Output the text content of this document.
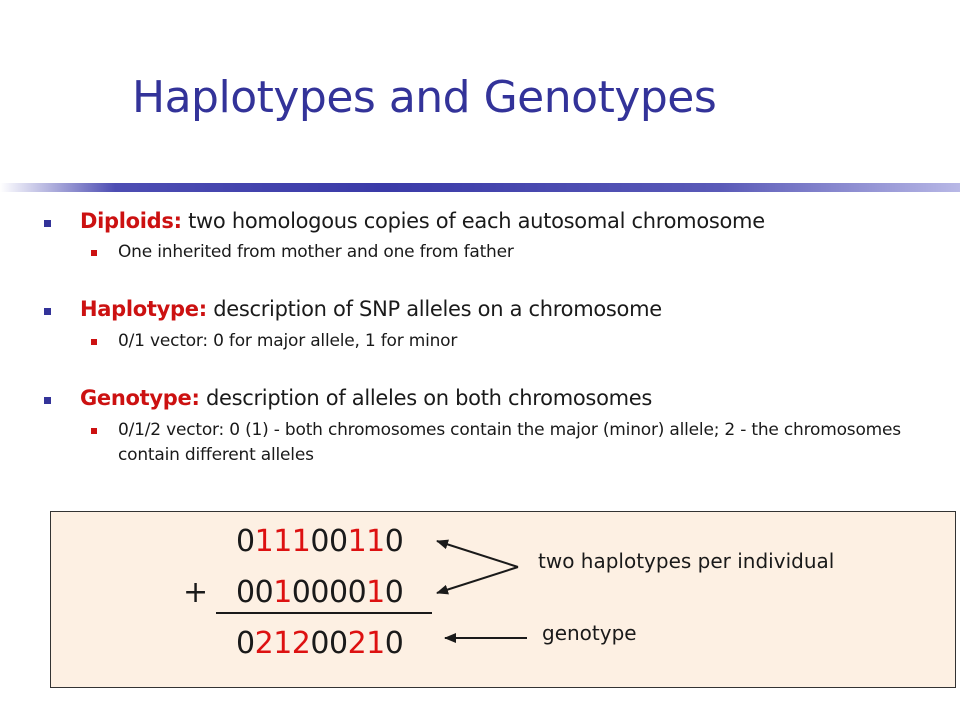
Haplotypes and Genotypes
Diploids: two homologous copies of each autosomal chromosome
One inherited from mother and one from father
Haplotype: description of SNP alleles on a chromosome
0/1 vector: 0 for major allele, 1 for minor
Genotype: description of alleles on both chromosomes
0/1/2 vector: 0 (1) - both chromosomes contain the major (minor) allele; 2 - the chromosomes contain different alleles
011100110
+ 001000010
021200210
two haplotypes per individual
genotype
